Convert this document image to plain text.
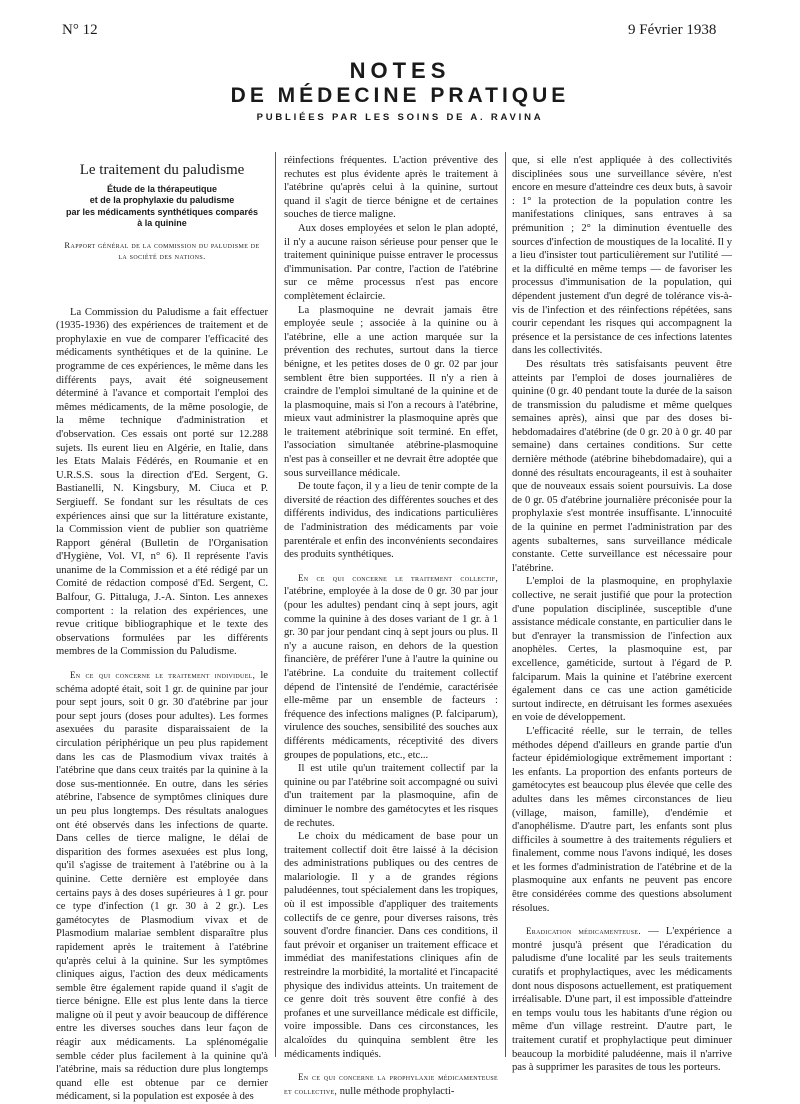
N° 12	9 Février 1938
NOTES
DE MÉDECINE PRATIQUE
PUBLIÉES PAR LES SOINS DE A. RAVINA
Le traitement du paludisme
Étude de la thérapeutique
et de la prophylaxie du paludisme
par les médicaments synthétiques comparés
à la quinine
Rapport général de la commission du paludisme de la société des nations.

La Commission du Paludisme a fait effectuer (1935-1936) des expériences de traitement et de prophylaxie en vue de comparer l'efficacité des médicaments synthétiques et de la quinine. Le programme de ces expériences, le même dans les différents pays, avait été soigneusement déterminé à l'avance et comportait l'emploi des mêmes médicaments, de la même posologie, de la même technique d'administration et d'observation. Ces essais ont porté sur 12.288 sujets. Ils eurent lieu en Algérie, en Italie, dans les Etats Malais Fédérés, en Roumanie et en U.R.S.S. sous la direction d'Ed. Sergent, G. Bastianelli, N. Kingsbury, M. Ciuca et P. Sergiueff. Se fondant sur les résultats de ces expériences ainsi que sur la littérature existante, la Commission vient de publier son quatrième Rapport général (Bulletin de l'Organisation d'Hygiène, Vol. VI, n° 6). Il représente l'avis unanime de la Commission et a été rédigé par un Comité de rédaction composé d'Ed. Sergent, C. Balfour, G. Pittaluga, J.-A. Sinton. Les annexes comportent : la relation des expériences, une revue critique bibliographique et le texte des observations formulées par les différents membres de la Commission du Paludisme.

En ce qui concerne le traitement individuel, le schéma adopté était, soit 1 gr. de quinine par jour pour sept jours, soit 0 gr. 30 d'atébrine par jour pour sept jours (doses pour adultes). Les formes asexuées du parasite disparaissaient de la circulation périphérique un peu plus rapidement dans les cas de Plasmodium vivax traités à l'atébrine que dans ceux traités par la quinine à la dose sus-mentionnée. En outre, dans les séries atébrine, l'absence de symptômes cliniques dure un peu plus longtemps. Des résultats analogues ont été observés dans les infections de quarte. Dans celles de tierce maligne, le délai de disparition des formes asexuées est plus long, qu'il s'agisse de traitement à l'atébrine ou à la quinine. Cette dernière est employée dans certains pays à des doses supérieures à 1 gr. pour ce type d'infection (1 gr. 30 à 2 gr.). Les gamétocytes de Plasmodium vivax et de Plasmodium malariae semblent disparaître plus rapidement après le traitement à l'atébrine qu'après celui à la quinine. Sur les symptômes cliniques aigus, l'action des deux médicaments semble être également rapide quand il s'agit de tierce bénigne. Elle est plus lente dans la tierce maligne où il peut y avoir beaucoup de différence entre les diverses souches dans leur façon de réagir aux médicaments. La splénomégalie semble céder plus facilement à la quinine qu'à l'atébrine, mais sa réduction dure plus longtemps quand elle est obtenue par ce dernier médicament, si la population est exposée à des

réinfections fréquentes. L'action préventive des rechutes est plus évidente après le traitement à l'atébrine qu'après celui à la quinine, surtout quand il s'agit de tierce bénigne et de certaines souches de tierce maligne.

Aux doses employées et selon le plan adopté, il n'y a aucune raison sérieuse pour penser que le traitement quininique puisse entraver le processus d'immunisation. Par contre, l'action de l'atébrine sur ce même processus n'est pas encore complètement éclaircie.

La plasmoquine ne devrait jamais être employée seule ; associée à la quinine ou à l'atébrine, elle a une action marquée sur la prévention des rechutes, surtout dans la tierce bénigne, et les petites doses de 0 gr. 02 par jour semblent être bien supportées. Il n'y a rien à craindre de l'emploi simultané de la quinine et de la plasmoquine, mais si l'on a recours à l'atébrine, mieux vaut administrer la plasmoquine après que le traitement atébrinique soit terminé. En effet, l'association simultanée atébrine-plasmoquine n'est pas à conseiller et ne devrait être adoptée que sous surveillance médicale.

De toute façon, il y a lieu de tenir compte de la diversité de réaction des différentes souches et des différents individus, des indications particulières de l'administration des médicaments par voie parentérale et enfin des inconvénients secondaires des produits synthétiques.

En ce qui concerne le traitement collectif, l'atébrine, employée à la dose de 0 gr. 30 par jour (pour les adultes) pendant cinq à sept jours, agit comme la quinine à des doses variant de 1 gr. à 1 gr. 30 par jour pendant cinq à sept jours ou plus. Il n'y a aucune raison, en dehors de la question financière, de préférer l'une à l'autre la quinine ou l'atébrine. La conduite du traitement collectif dépend de l'intensité de l'endémie, caractérisée elle-même par un ensemble de facteurs : fréquence des infections malignes (P. falciparum), virulence des souches, sensibilité des souches aux différents médicaments, réceptivité des divers groupes de populations, etc., etc...

Il est utile qu'un traitement collectif par la quinine ou par l'atébrine soit accompagné ou suivi d'un traitement par la plasmoquine, afin de diminuer le nombre des gamétocytes et les risques de rechutes.

Le choix du médicament de base pour un traitement collectif doit être laissé à la décision des administrations publiques ou des centres de malariologie. Il y a de grandes régions paludéennes, tout spécialement dans les tropiques, où il est impossible d'appliquer des traitements collectifs de ce genre, pour diverses raisons, très souvent d'ordre financier. Dans ces conditions, il faut prévoir et organiser un traitement efficace et immédiat des manifestations cliniques afin de restreindre la morbidité, la mortalité et l'incapacité physique des individus atteints. Un traitement de ce genre doit très souvent être confié à des profanes et une surveillance médicale est difficile, voire impossible. Dans ces circonstances, les alcaloïdes du quinquina semblent être les médicaments indiqués.

En ce qui concerne la prophylaxie médicamenteuse et collective, nulle méthode prophylacti-

que, si elle n'est appliquée à des collectivités disciplinées sous une surveillance sévère, n'est encore en mesure d'atteindre ces deux buts, à savoir : 1° la protection de la population contre les manifestations cliniques, sans entraves à sa prémunition ; 2° la diminution éventuelle des sources d'infection de moustiques de la localité. Il y a lieu d'insister tout particulièrement sur l'utilité — et la difficulté en même temps — de favoriser les processus d'immunisation de la population, qui dépendent justement d'un degré de tolérance vis-à-vis de l'infection et des réinfections répétées, sans courir cependant les risques qui accompagnent la présence et la persistance de ces infections latentes dans les collectivités.

Des résultats très satisfaisants peuvent être atteints par l'emploi de doses journalières de quinine (0 gr. 40 pendant toute la durée de la saison de transmission du paludisme et même quelques semaines après), ainsi que par des doses bi-hebdomadaires d'atébrine (de 0 gr. 20 à 0 gr. 40 par semaine) dans certaines conditions. Sur cette dernière méthode (atébrine bihebdomadaire), qui a donné des résultats encourageants, il est à souhaiter que de nouveaux essais soient poursuivis. La dose de 0 gr. 05 d'atébrine journalière préconisée pour la prophylaxie s'est montrée insuffisante. L'innocuité de la quinine en permet l'administration par des agents subalternes, sans surveillance médicale constante. Cette surveillance est nécessaire pour l'atébrine.

L'emploi de la plasmoquine, en prophylaxie collective, ne serait justifié que pour la protection d'une population disciplinée, susceptible d'une assistance médicale constante, en particulier dans le but d'enrayer la transmission de l'infection aux anophèles. Certes, la plasmoquine est, par excellence, gaméticide, surtout à l'égard de P. falciparum. Mais la quinine et l'atébrine exercent également dans ce cas une action gaméticide surtout indirecte, en détruisant les formes asexuées en voie de développement.

L'efficacité réelle, sur le terrain, de telles méthodes dépend d'ailleurs en grande partie d'un facteur épidémiologique extrêmement important : les enfants. La proportion des enfants porteurs de gamétocytes est beaucoup plus élevée que celle des adultes dans les mêmes circonstances de lieu (village, maison, famille), d'endémie et d'anophélisme. D'autre part, les enfants sont plus difficiles à soumettre à des traitements réguliers et finalement, comme nous l'avons indiqué, les doses et les formes d'administration de l'atébrine et de la plasmoquine aux enfants ne peuvent pas encore être considérées comme des questions absolument résolues.

Eradication médicamenteuse. — L'expérience a montré jusqu'à présent que l'éradication du paludisme d'une localité par les seuls traitements curatifs et prophylactiques, avec les médicaments dont nous disposons actuellement, est pratiquement irréalisable. D'une part, il est impossible d'atteindre en temps voulu tous les habitants d'une région ou même d'un village restreint. D'autre part, le traitement curatif et prophylactique peut diminuer beaucoup la morbidité paludéenne, mais il n'arrive pas à supprimer les parasites de tous les porteurs.
